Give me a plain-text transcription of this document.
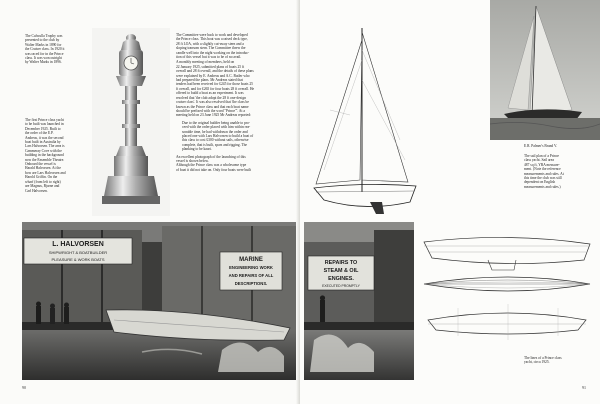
The Culwulla Trophy was
presented to the club by
Walter Marks in 1890 for
the Cruiser class. In 1920 it
was raced for in the Prince
class. It was won outright
by Walter Marks in 1896.
The first Prince class yacht
to be built was launched in
December 1925. Built to
the order of the E.P.
Andreas, it was the second
boat built in Australia by
Lars Halvorsen. The area is
Cammeray Cove with the
building in the background
now the Ensemble Theatre.
Onboard the vessel is
Harald Halvorsen. At the
bow are Lars Halvorsen and
Harold Griffin. On the
wharf (from left to right)
are Magnus, Bjarne and
Carl Halvorsen.
The Committee were back to work and developed
the Prince class. This boat was a raised deck type,
28 ft LOA, with a slightly cut-away stern and a
sloping transom stern. The Committee threw the
candle well into the night working on the introduc-
tion of this vessel but it was to be of no avail.
A monthly meeting of members, held on
22 January 1925, submitted plans of boats 25 ft
overall and 28 ft overall, and the details of these plans
were explained by E. Andreas and A.C. Butler who
had prepared the plans. Mr Andreas stated that
tenders had been received for £245 for those boats 25
ft overall, and for £265 for four boats 28 ft overall. He
offered to build a boat as an experiment. It was
resolved that 'the club adopt the 28 ft one-design
cruiser class'. It was also resolved that 'the class be
known as the Prince class and that each boat name
should be prefixed with the word "Prince"'. At a
meeting held on 23 June 1925 Mr Andreas reported:
Due to the original builder being unable to pro-
ceed with the order placed with him within rea-
sonable time, he had withdrawn the order and
placed one with Lars Halvorsen to build a boat of
this class to cost £300 without sails, otherwise
complete, that is built, spars and rigging. The
planking to be kauri.
An excellent photograph of the launching of this
vessel is shown below.
Although the Prince class was a wholesome type
of boat it did not take on. Only four boats were built
L. HALVORSEN
SHIPWRIGHT & BOATBUILDER
PLEASURE & WORK BOATS	MARINE
ENGINEERING WORK
AND REPAIRS OF ALL
DESCRIPTIONS.
90
REPAIRS TO
STEAM & OIL
ENGINES.
EXECUTED PROMPTLY
E.R. Palmer's Brand V.
The sail plan of a Prince
class yacht. Sail area
487 sq ft, YRA measure-
ment. (Note the reference
measurements and rules. At
this time the club was still
dependent on English
measurements and rules.)
The lines of a Prince class
yacht, circa 1925.
91
